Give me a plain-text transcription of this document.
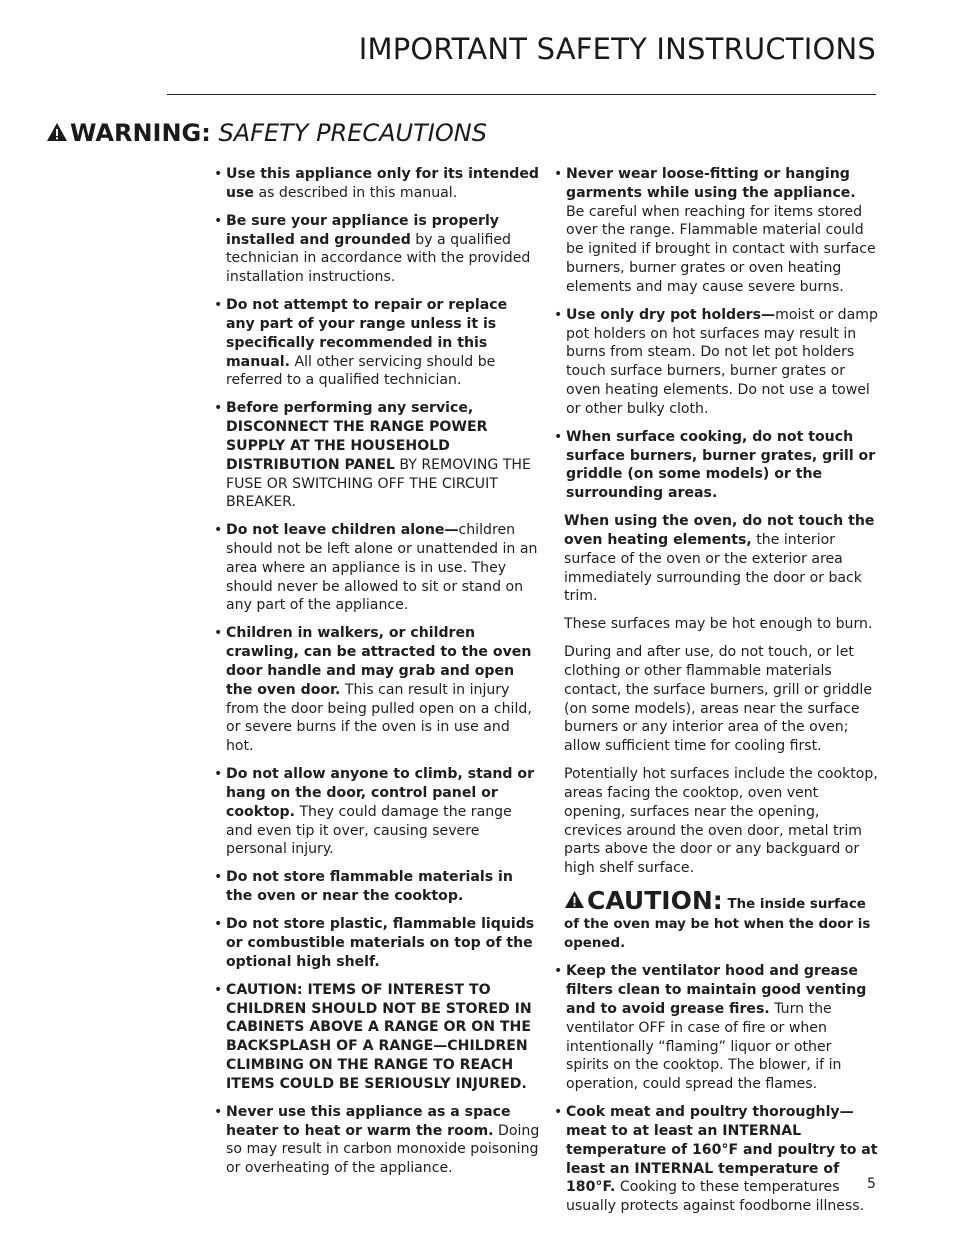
IMPORTANT SAFETY INSTRUCTIONS
WARNING: SAFETY PRECAUTIONS
• Use this appliance only for its intended use as described in this manual.
• Be sure your appliance is properly installed and grounded by a qualified technician in accordance with the provided installation instructions.
• Do not attempt to repair or replace any part of your range unless it is specifically recommended in this manual. All other servicing should be referred to a qualified technician.
• Before performing any service, DISCONNECT THE RANGE POWER SUPPLY AT THE HOUSEHOLD DISTRIBUTION PANEL BY REMOVING THE FUSE OR SWITCHING OFF THE CIRCUIT BREAKER.
• Do not leave children alone—children should not be left alone or unattended in an area where an appliance is in use. They should never be allowed to sit or stand on any part of the appliance.
• Children in walkers, or children crawling, can be attracted to the oven door handle and may grab and open the oven door. This can result in injury from the door being pulled open on a child, or severe burns if the oven is in use and hot.
• Do not allow anyone to climb, stand or hang on the door, control panel or cooktop. They could damage the range and even tip it over, causing severe personal injury.
• Do not store flammable materials in the oven or near the cooktop.
• Do not store plastic, flammable liquids or combustible materials on top of the optional high shelf.
• CAUTION: ITEMS OF INTEREST TO CHILDREN SHOULD NOT BE STORED IN CABINETS ABOVE A RANGE OR ON THE BACKSPLASH OF A RANGE—CHILDREN CLIMBING ON THE RANGE TO REACH ITEMS COULD BE SERIOUSLY INJURED.
• Never use this appliance as a space heater to heat or warm the room. Doing so may result in carbon monoxide poisoning or overheating of the appliance.
• Never wear loose-fitting or hanging garments while using the appliance. Be careful when reaching for items stored over the range. Flammable material could be ignited if brought in contact with surface burners, burner grates or oven heating elements and may cause severe burns.
• Use only dry pot holders—moist or damp pot holders on hot surfaces may result in burns from steam. Do not let pot holders touch surface burners, burner grates or oven heating elements. Do not use a towel or other bulky cloth.
• When surface cooking, do not touch surface burners, burner grates, grill or griddle (on some models) or the surrounding areas.
When using the oven, do not touch the oven heating elements, the interior surface of the oven or the exterior area immediately surrounding the door or back trim.
These surfaces may be hot enough to burn.
During and after use, do not touch, or let clothing or other flammable materials contact, the surface burners, grill or griddle (on some models), areas near the surface burners or any interior area of the oven; allow sufficient time for cooling first.
Potentially hot surfaces include the cooktop, areas facing the cooktop, oven vent opening, surfaces near the opening, crevices around the oven door, metal trim parts above the door or any backguard or high shelf surface.
CAUTION: The inside surface of the oven may be hot when the door is opened.
• Keep the ventilator hood and grease filters clean to maintain good venting and to avoid grease fires. Turn the ventilator OFF in case of fire or when intentionally “flaming” liquor or other spirits on the cooktop. The blower, if in operation, could spread the flames.
• Cook meat and poultry thoroughly—meat to at least an INTERNAL temperature of 160°F and poultry to at least an INTERNAL temperature of 180°F. Cooking to these temperatures usually protects against foodborne illness.
5
